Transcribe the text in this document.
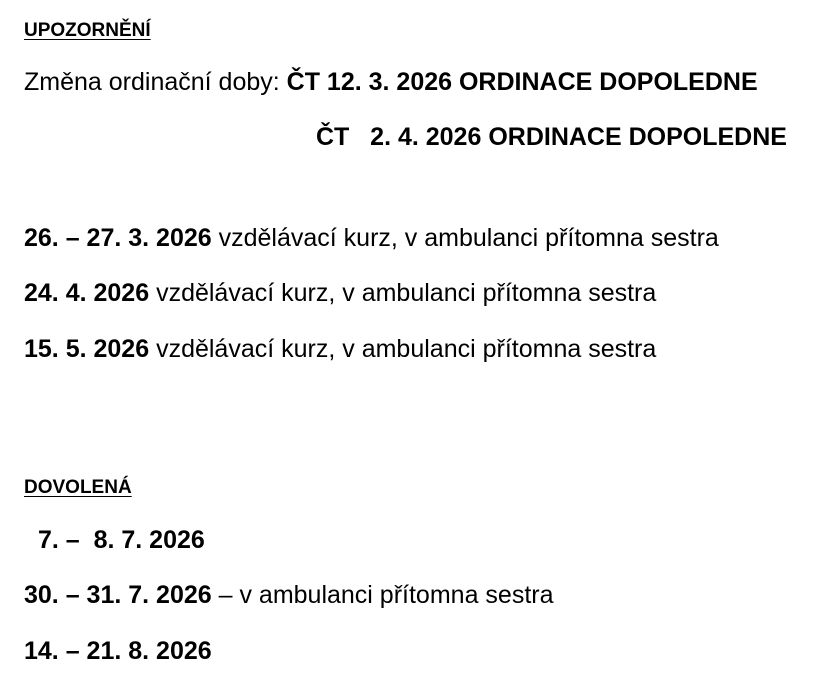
UPOZORNĚNÍ
Změna ordinační doby: ČT 12. 3. 2026 ORDINACE DOPOLEDNE
ČT   2. 4. 2026 ORDINACE DOPOLEDNE
26. – 27. 3. 2026 vzdělávací kurz, v ambulanci přítomna sestra
24. 4. 2026 vzdělávací kurz, v ambulanci přítomna sestra
15. 5. 2026 vzdělávací kurz, v ambulanci přítomna sestra
DOVOLENÁ
7. –  8. 7. 2026
30. – 31. 7. 2026 – v ambulanci přítomna sestra
14. – 21. 8. 2026
